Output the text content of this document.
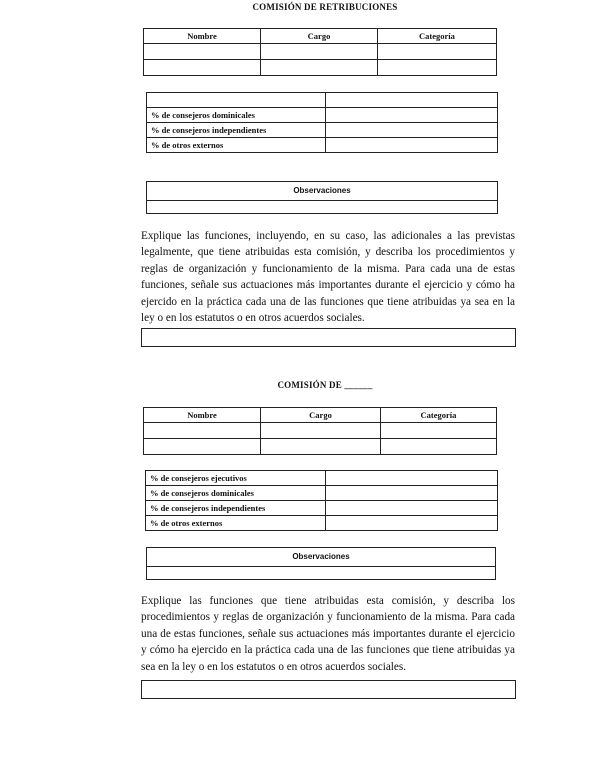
COMISIÓN DE RETRIBUCIONES
Nombre	Cargo	Categoría

% de consejeros dominicales	
% de consejeros independientes	
% de otros externos	
Observaciones
Explique las funciones, incluyendo, en su caso, las adicionales a las previstas legalmente, que tiene atribuidas esta comisión, y describa los procedimientos y reglas de organización y funcionamiento de la misma. Para cada una de estas funciones, señale sus actuaciones más importantes durante el ejercicio y cómo ha ejercido en la práctica cada una de las funciones que tiene atribuidas ya sea en la ley o en los estatutos o en otros acuerdos sociales.
COMISIÓN DE ______
Nombre	Cargo	Categoría

% de consejeros ejecutivos	
% de consejeros dominicales	
% de consejeros independientes	
% de otros externos	
Observaciones
Explique las funciones que tiene atribuidas esta comisión, y describa los procedimientos y reglas de organización y funcionamiento de la misma. Para cada una de estas funciones, señale sus actuaciones más importantes durante el ejercicio y cómo ha ejercido en la práctica cada una de las funciones que tiene atribuidas ya sea en la ley o en los estatutos o en otros acuerdos sociales.
